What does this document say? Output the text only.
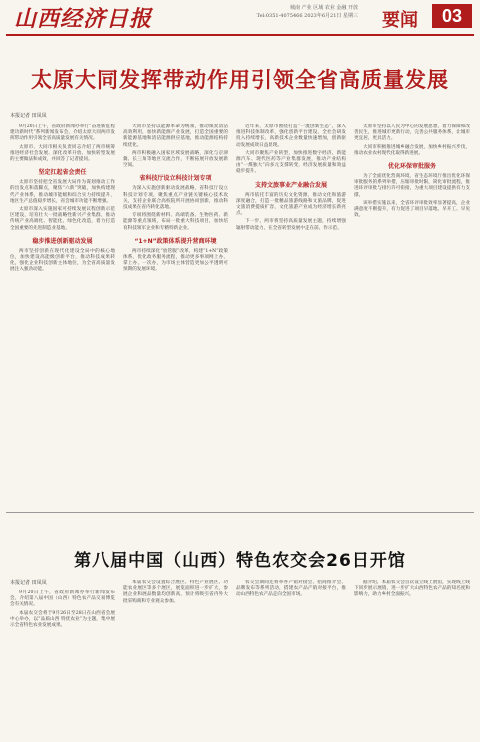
山西经济日报	城南 产业 区域 农业 金融 开放
Tel:0351-4075466 2023年6月21日 星期三 要闻	03
太原大同发挥带动作用引领全省高质量发展
本报记者 田凤凤

9月20日上午，省政府新闻办举行“奋进新征程 建功新时代”系列新闻发布会，介绍太原大同两市发挥带动作用引领全省高质量发展有关情况。

太原市、大同市相关负责同志介绍了两市统筹推进经济社会发展、深化改革开放、加快转型发展的主要做法和成效，并回答了记者提问。

坚定扛起省会责任

太原市坚持把全省发展大局作为谋划推动工作的出发点和落脚点，聚焦“六新”突破，加快构建现代产业体系，推动城市能级和综合实力持续提升，地区生产总值稳步增长，省会城市功能不断增强。

太原市深入实施国家可持续发展议程创新示范区建设，培育壮大一批战略性新兴产业集群，推动传统产业高端化、智能化、绿色化改造，着力打造全国重要的先进制造业基地。

稳步推进创新驱动发展

两市坚持创新在现代化建设全局中的核心地位，加快建设高能级创新平台，推动科技成果转化，强化企业科技创新主体地位，为全省高质量发展注入强劲动能。

大同市坚持以能源革命为统领，推动煤炭清洁高效利用，加快新能源产业发展，打造全国重要的新能源基地和清洁能源供应基地，推动能源结构持续优化。

两市积极融入国家区域发展战略，深化与京津冀、长三角等地区交流合作，不断拓展开放发展新空间。

省科技厅设立科技计划专项

为深入实施创新驱动发展战略，省科技厅设立科技计划专项，聚焦重点产业链关键核心技术攻关，支持企业联合高校院所开展协同创新，推动科技成果在省内转化落地。

专项将围绕新材料、高端装备、生物医药、新能源等重点领域，布局一批重大科技项目，加快培育科技领军企业和专精特新企业。

“1+N”政策体系提升营商环境

两市持续深化“放管服”改革，构建“1+N”政策体系，优化政务服务流程，推动更多事项网上办、掌上办、一次办，为市场主体营造更加公平透明可预期的发展环境。

近年来，太原市围绕打造“一流创新生态”，深入推进科技体制改革，强化创新平台建设，全社会研发投入持续增长，高新技术企业数量快速增加，创新驱动发展成效日益显现。

大同市聚焦产业转型，加快推进数字经济、新能源汽车、现代医药等产业集群发展，推动产业结构由“一煤独大”向多元支撑转变，经济发展质量和效益稳步提升。

支持文旅事业产业融合发展

两市依托丰富的历史文化资源，推动文化和旅游深度融合，打造一批精品旅游线路和文旅品牌，促进文旅消费提质扩容，文化旅游产业成为经济增长新亮点。

下一步，两市将坚持高质量发展主题，持续增强辐射带动能力，在全省转型发展中走在前、作示范。

太原市坚持以人民为中心的发展思想，着力保障和改善民生，推进城市更新行动，完善公共服务体系，让城市更宜居、更具活力。

大同市积极推进城乡融合发展，加快乡村振兴步伐，推动农业农村现代化取得新进展。

优化环保审批服务

为了全面优化营商环境，省生态环境厅推出优化环保审批服务的系列举措，压缩审批时限，简化审批流程，推进环评审批与排污许可衔接，为重大项目建设提供有力支撑。

该举措实施以来，全省环评审批效率显著提高，企业满意度不断提升，有力促进了项目早落地、早开工、早见效。

第八届中国（山西）特色农交会26日开馆
本报记者 田凤凤

9月20日上午，省政府新闻办举行新闻发布会，介绍第八届中国（山西）特色农产品交易博览会有关情况。

本届农交会将于9月26日至28日在山西省会展中心举办，以“品质山西 特优农业”为主题，集中展示全省特色农业发展成果。

本届农交会设置综合展区、特色产业展区、功能农业展区等多个展区，展览面积进一步扩大，参展企业和展品数量均创新高，预计将吸引省内外大批采购商和专业观众参加。

农交会期间还将举办产销对接会、招商推介会、品牌发布等系列活动，搭建农产品产销对接平台，推动山西特色农产品走向全国市场。

据介绍，本届农交会首次设立线上展馆，实现线上线下同步展示展销，进一步扩大山西特色农产品的知名度和影响力，助力乡村全面振兴。
